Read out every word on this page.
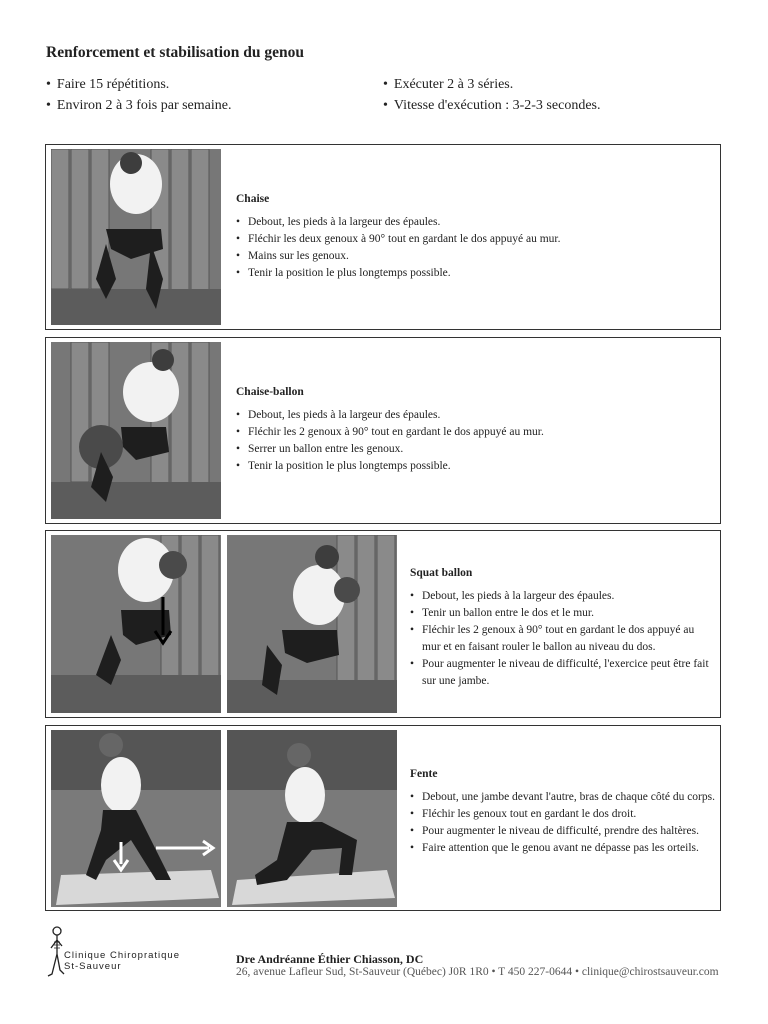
Renforcement et stabilisation du genou
• Faire 15 répétitions.
• Environ 2 à 3 fois par semaine.
• Exécuter 2 à 3 séries.
• Vitesse d'exécution : 3-2-3 secondes.
Chaise
• Debout, les pieds à la largeur des épaules.
• Fléchir les deux genoux à 90° tout en gardant le dos appuyé au mur.
• Mains sur les genoux.
• Tenir la position le plus longtemps possible.
Chaise-ballon
• Debout, les pieds à la largeur des épaules.
• Fléchir les 2 genoux à 90° tout en gardant le dos appuyé au mur.
• Serrer un ballon entre les genoux.
• Tenir la position le plus longtemps possible.
Squat ballon
• Debout, les pieds à la largeur des épaules.
• Tenir un ballon entre le dos et le mur.
• Fléchir les 2 genoux à 90° tout en gardant le dos appuyé au mur et en faisant rouler le ballon au niveau du dos.
• Pour augmenter le niveau de difficulté, l'exercice peut être fait sur une jambe.
Fente
• Debout, une jambe devant l'autre, bras de chaque côté du corps.
• Fléchir les genoux tout en gardant le dos droit.
• Pour augmenter le niveau de difficulté, prendre des haltères.
• Faire attention que le genou avant ne dépasse pas les orteils.
Clinique Chiropratique
St-Sauveur
Dre Andréanne Éthier Chiasson, DC
26, avenue Lafleur Sud, St-Sauveur (Québec) J0R 1R0 • T 450 227-0644 • clinique@chirostsauveur.com
